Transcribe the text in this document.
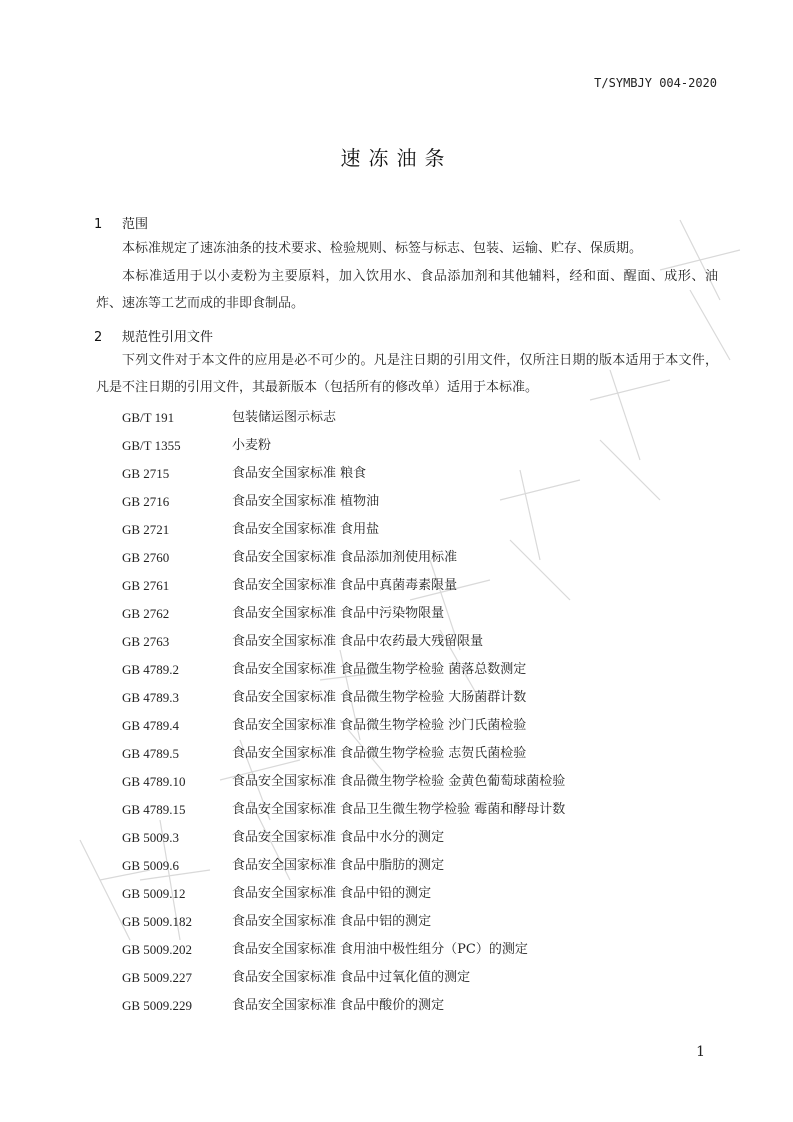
T/SYMBJY 004-2020
速冻油条
1 范围
本标准规定了速冻油条的技术要求、检验规则、标签与标志、包装、运输、贮存、保质期。
本标准适用于以小麦粉为主要原料，加入饮用水、食品添加剂和其他辅料，经和面、醒面、成形、油炸、速冻等工艺而成的非即食制品。
2 规范性引用文件
下列文件对于本文件的应用是必不可少的。凡是注日期的引用文件，仅所注日期的版本适用于本文件，凡是不注日期的引用文件，其最新版本（包括所有的修改单）适用于本标准。
GB/T 191	包装储运图示标志
GB/T 1355	小麦粉
GB 2715	食品安全国家标准 粮食
GB 2716	食品安全国家标准 植物油
GB 2721	食品安全国家标准 食用盐
GB 2760	食品安全国家标准 食品添加剂使用标准
GB 2761	食品安全国家标准 食品中真菌毒素限量
GB 2762	食品安全国家标准 食品中污染物限量
GB 2763	食品安全国家标准 食品中农药最大残留限量
GB 4789.2	食品安全国家标准 食品微生物学检验 菌落总数测定
GB 4789.3	食品安全国家标准 食品微生物学检验 大肠菌群计数
GB 4789.4	食品安全国家标准 食品微生物学检验 沙门氏菌检验
GB 4789.5	食品安全国家标准 食品微生物学检验 志贺氏菌检验
GB 4789.10	食品安全国家标准 食品微生物学检验 金黄色葡萄球菌检验
GB 4789.15	食品安全国家标准 食品卫生微生物学检验 霉菌和酵母计数
GB 5009.3	食品安全国家标准 食品中水分的测定
GB 5009.6	食品安全国家标准 食品中脂肪的测定
GB 5009.12	食品安全国家标准 食品中铅的测定
GB 5009.182	食品安全国家标准 食品中铝的测定
GB 5009.202	食品安全国家标准 食用油中极性组分（PC）的测定
GB 5009.227	食品安全国家标准 食品中过氧化值的测定
GB 5009.229	食品安全国家标准 食品中酸价的测定
1
